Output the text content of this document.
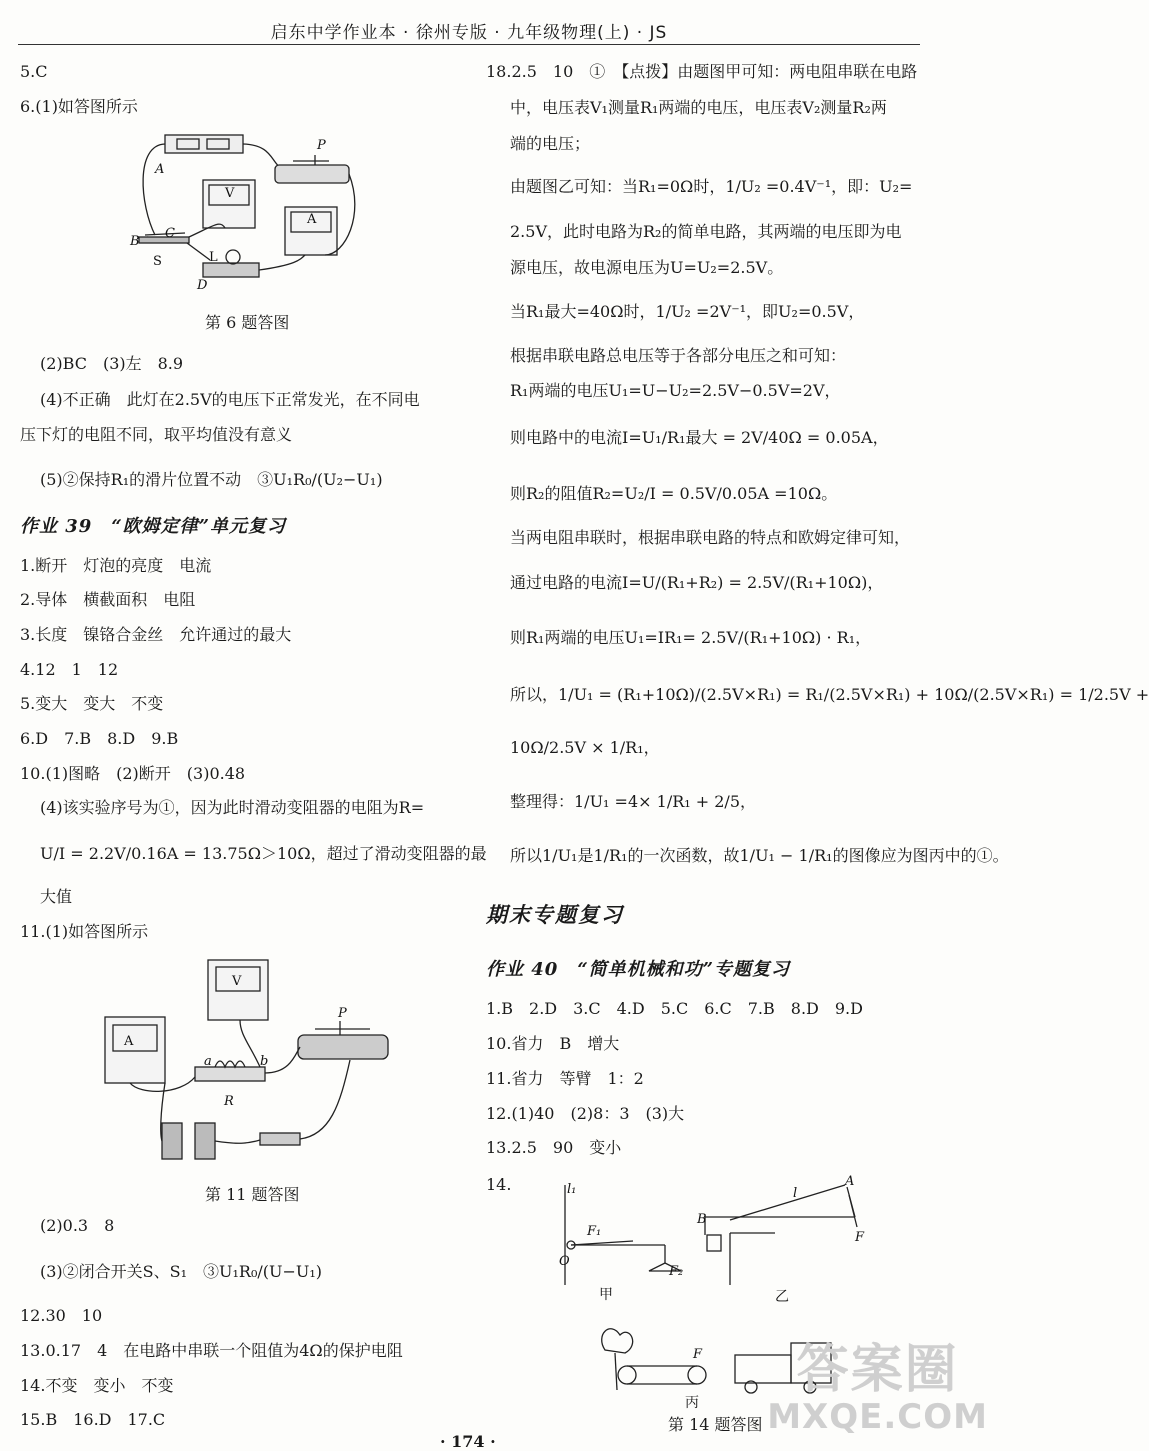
启东中学作业本 · 徐州专版 · 九年级物理(上) · JS
作业 39　“欧姆定律”单元复习
A
P
V
A
B
C
S	L
D
第 6 题答图
A
V
P
a	b
R
第 11 题答图
期末专题复习
作业 40　“简单机械和功”专题复习
l₁
F₁
O
F₂
B
l
A
F
F
甲	乙
丙
第 14 题答图
· 174 ·
答案圈
MXQE.COM
5.C
6.(1)如答图所示
(2)BC　(3)左　8.9
(4)不正确　此灯在2.5V的电压下正常发光，在不同电
压下灯的电阻不同，取平均值没有意义
(5)②保持R₁的滑片位置不动　③U₁R₀/(U₂−U₁)
1.断开　灯泡的亮度　电流
2.导体　横截面积　电阻
3.长度　镍铬合金丝　允许通过的最大
4.12　1　12
5.变大　变大　不变
6.D　7.B　8.D　9.B
10.(1)图略　(2)断开　(3)0.48
(4)该实验序号为①，因为此时滑动变阻器的电阻为R=
U/I = 2.2V/0.16A = 13.75Ω＞10Ω，超过了滑动变阻器的最
大值
11.(1)如答图所示
(2)0.3　8
(3)②闭合开关S、S₁　③U₁R₀/(U−U₁)
12.30　10
13.0.17　4　在电路中串联一个阻值为4Ω的保护电阻
14.不变　变小　不变
15.B　16.D　17.C
18.2.5　10　①　【点拨】由题图甲可知：两电阻串联在电路
中，电压表V₁测量R₁两端的电压，电压表V₂测量R₂两
端的电压；
由题图乙可知：当R₁=0Ω时，1/U₂ =0.4V⁻¹，即：U₂=
2.5V，此时电路为R₂的简单电路，其两端的电压即为电
源电压，故电源电压为U=U₂=2.5V。
当R₁最大=40Ω时，1/U₂ =2V⁻¹，即U₂=0.5V，
根据串联电路总电压等于各部分电压之和可知：
R₁两端的电压U₁=U−U₂=2.5V−0.5V=2V，
则电路中的电流I=U₁/R₁最大 = 2V/40Ω = 0.05A，
则R₂的阻值R₂=U₂/I = 0.5V/0.05A =10Ω。
当两电阻串联时，根据串联电路的特点和欧姆定律可知，
通过电路的电流I=U/(R₁+R₂) = 2.5V/(R₁+10Ω)，
则R₁两端的电压U₁=IR₁= 2.5V/(R₁+10Ω) · R₁，
所以，1/U₁ = (R₁+10Ω)/(2.5V×R₁) = R₁/(2.5V×R₁) + 10Ω/(2.5V×R₁) = 1/2.5V +
10Ω/2.5V × 1/R₁，
整理得：1/U₁ =4× 1/R₁ + 2/5，
所以1/U₁是1/R₁的一次函数，故1/U₁ − 1/R₁的图像应为图丙中的①。
1.B　2.D　3.C　4.D　5.C　6.C　7.B　8.D　9.D
10.省力　B　增大
11.省力　等臂　1：2
12.(1)40　(2)8：3　(3)大
13.2.5　90　变小
14.
